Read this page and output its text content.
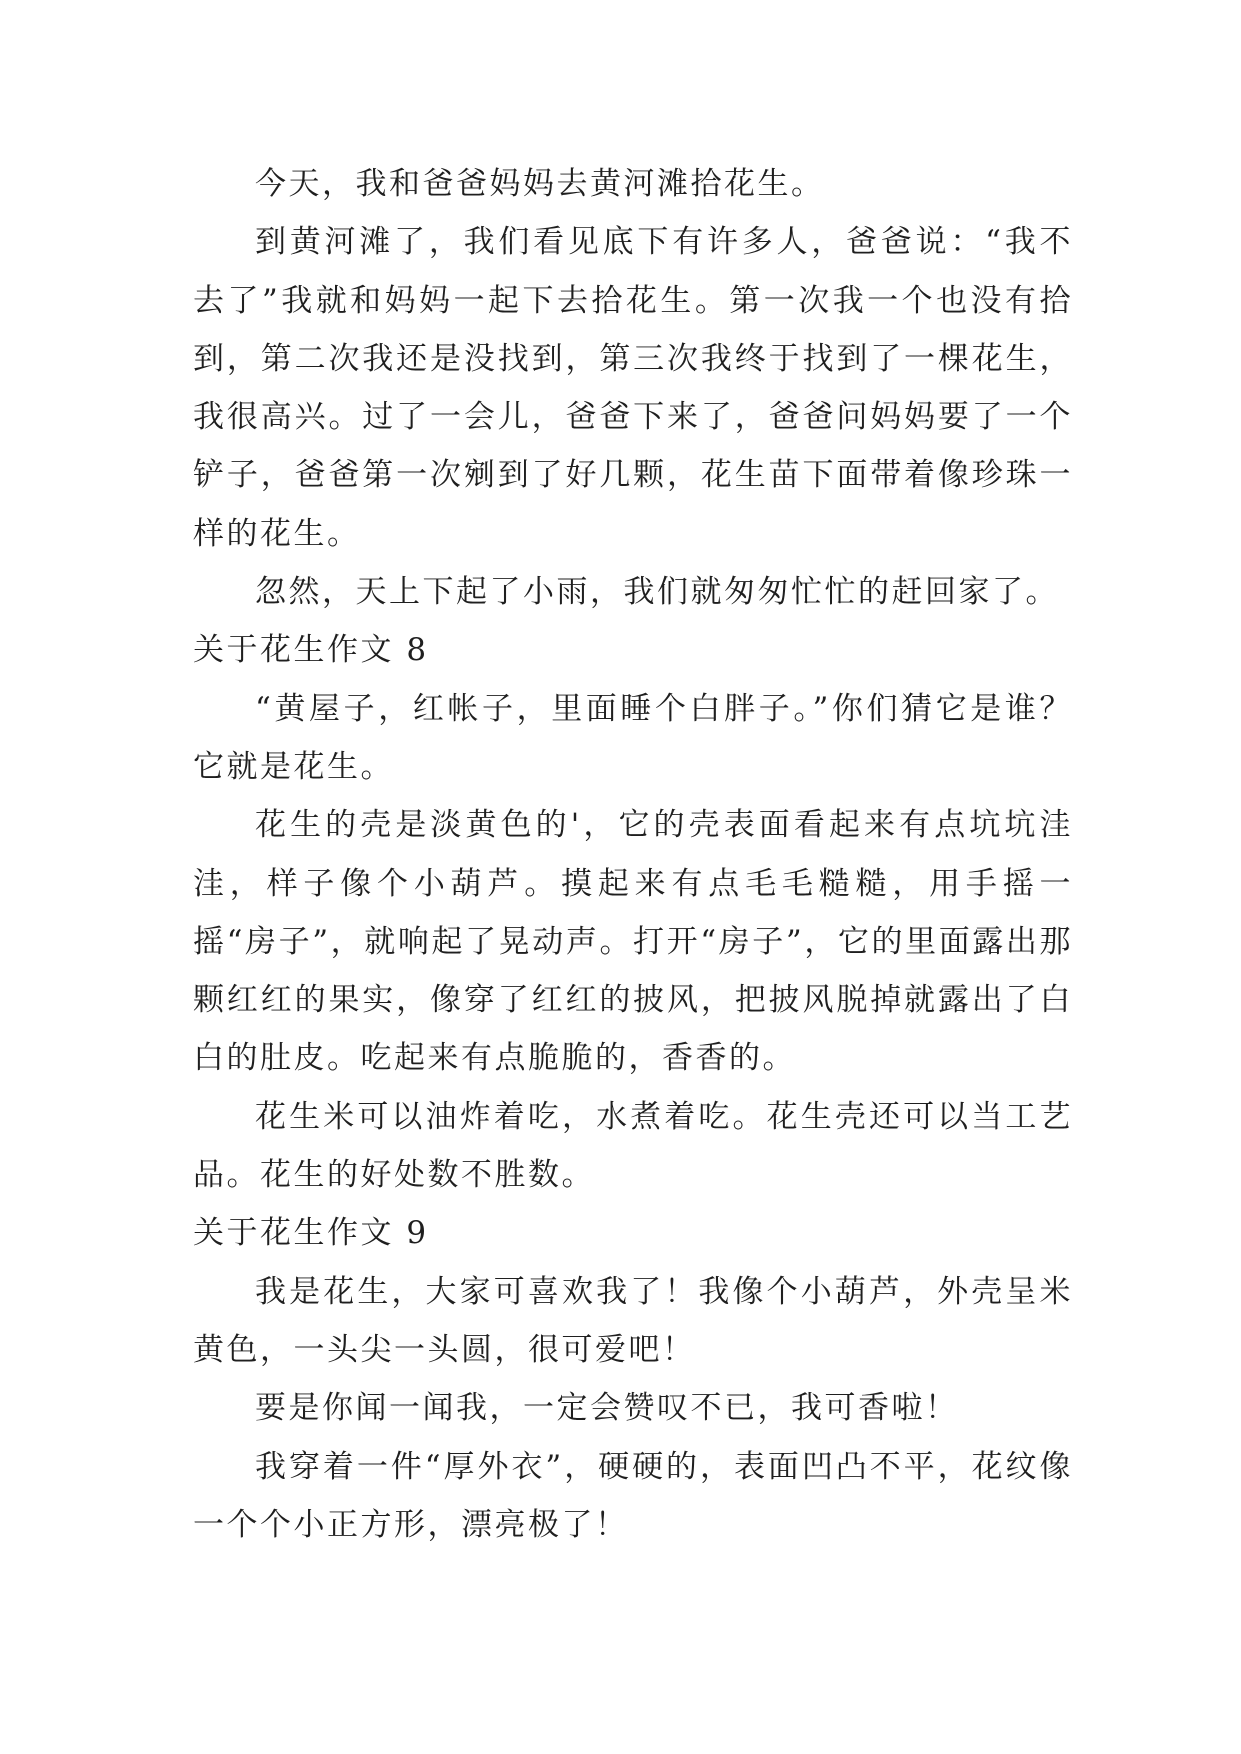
今天，我和爸爸妈妈去黄河滩拾花生。

到黄河滩了，我们看见底下有许多人，爸爸说：“我不去了”我就和妈妈一起下去拾花生。第一次我一个也没有拾到，第二次我还是没找到，第三次我终于找到了一棵花生，我很高兴。过了一会儿，爸爸下来了，爸爸问妈妈要了一个铲子，爸爸第一次剜到了好几颗，花生苗下面带着像珍珠一样的花生。

忽然，天上下起了小雨，我们就匆匆忙忙的赶回家了。

关于花生作文 8

“黄屋子，红帐子，里面睡个白胖子。”你们猜它是谁？它就是花生。

花生的壳是淡黄色的'，它的壳表面看起来有点坑坑洼洼，样子像个小葫芦。摸起来有点毛毛糙糙，用手摇一摇“房子”，就响起了晃动声。打开“房子”，它的里面露出那颗红红的果实，像穿了红红的披风，把披风脱掉就露出了白白的肚皮。吃起来有点脆脆的，香香的。

花生米可以油炸着吃，水煮着吃。花生壳还可以当工艺品。花生的好处数不胜数。

关于花生作文 9

我是花生，大家可喜欢我了！我像个小葫芦，外壳呈米黄色，一头尖一头圆，很可爱吧！

要是你闻一闻我，一定会赞叹不已，我可香啦！

我穿着一件“厚外衣”，硬硬的，表面凹凸不平，花纹像一个个小正方形，漂亮极了！
